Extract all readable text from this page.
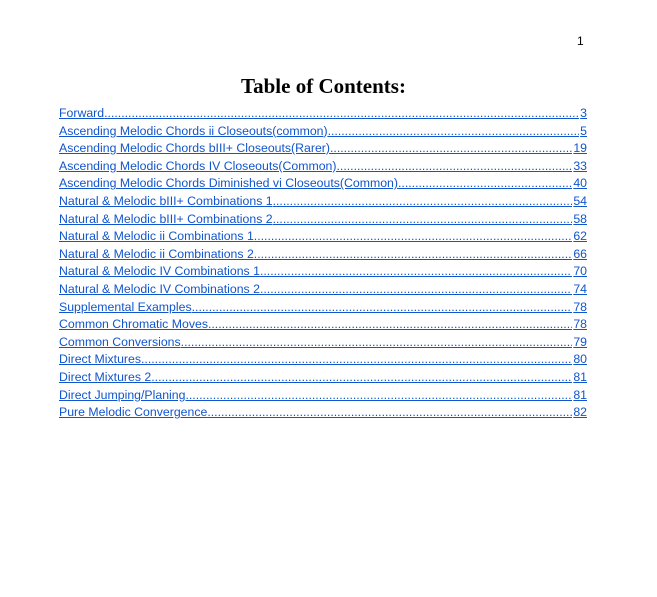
1
Table of Contents:
Forward .....	3
Ascending Melodic Chords ii Closeouts(common) .....	5
Ascending Melodic Chords bIII+ Closeouts(Rarer) .....	19
Ascending Melodic Chords IV Closeouts(Common) .....	33
Ascending Melodic Chords Diminished vi Closeouts(Common) .....	40
Natural & Melodic bIII+ Combinations 1 .....	54
Natural & Melodic bIII+ Combinations 2 .....	58
Natural & Melodic ii Combinations 1 .....	62
Natural & Melodic ii Combinations 2 .....	66
Natural & Melodic IV Combinations 1 .....	70
Natural & Melodic IV Combinations 2 .....	74
Supplemental Examples .....	78
Common Chromatic Moves .....	78
Common Conversions .....	79
Direct Mixtures .....	80
Direct Mixtures 2 .....	81
Direct Jumping/Planing .....	81
Pure Melodic Convergence .....	82
